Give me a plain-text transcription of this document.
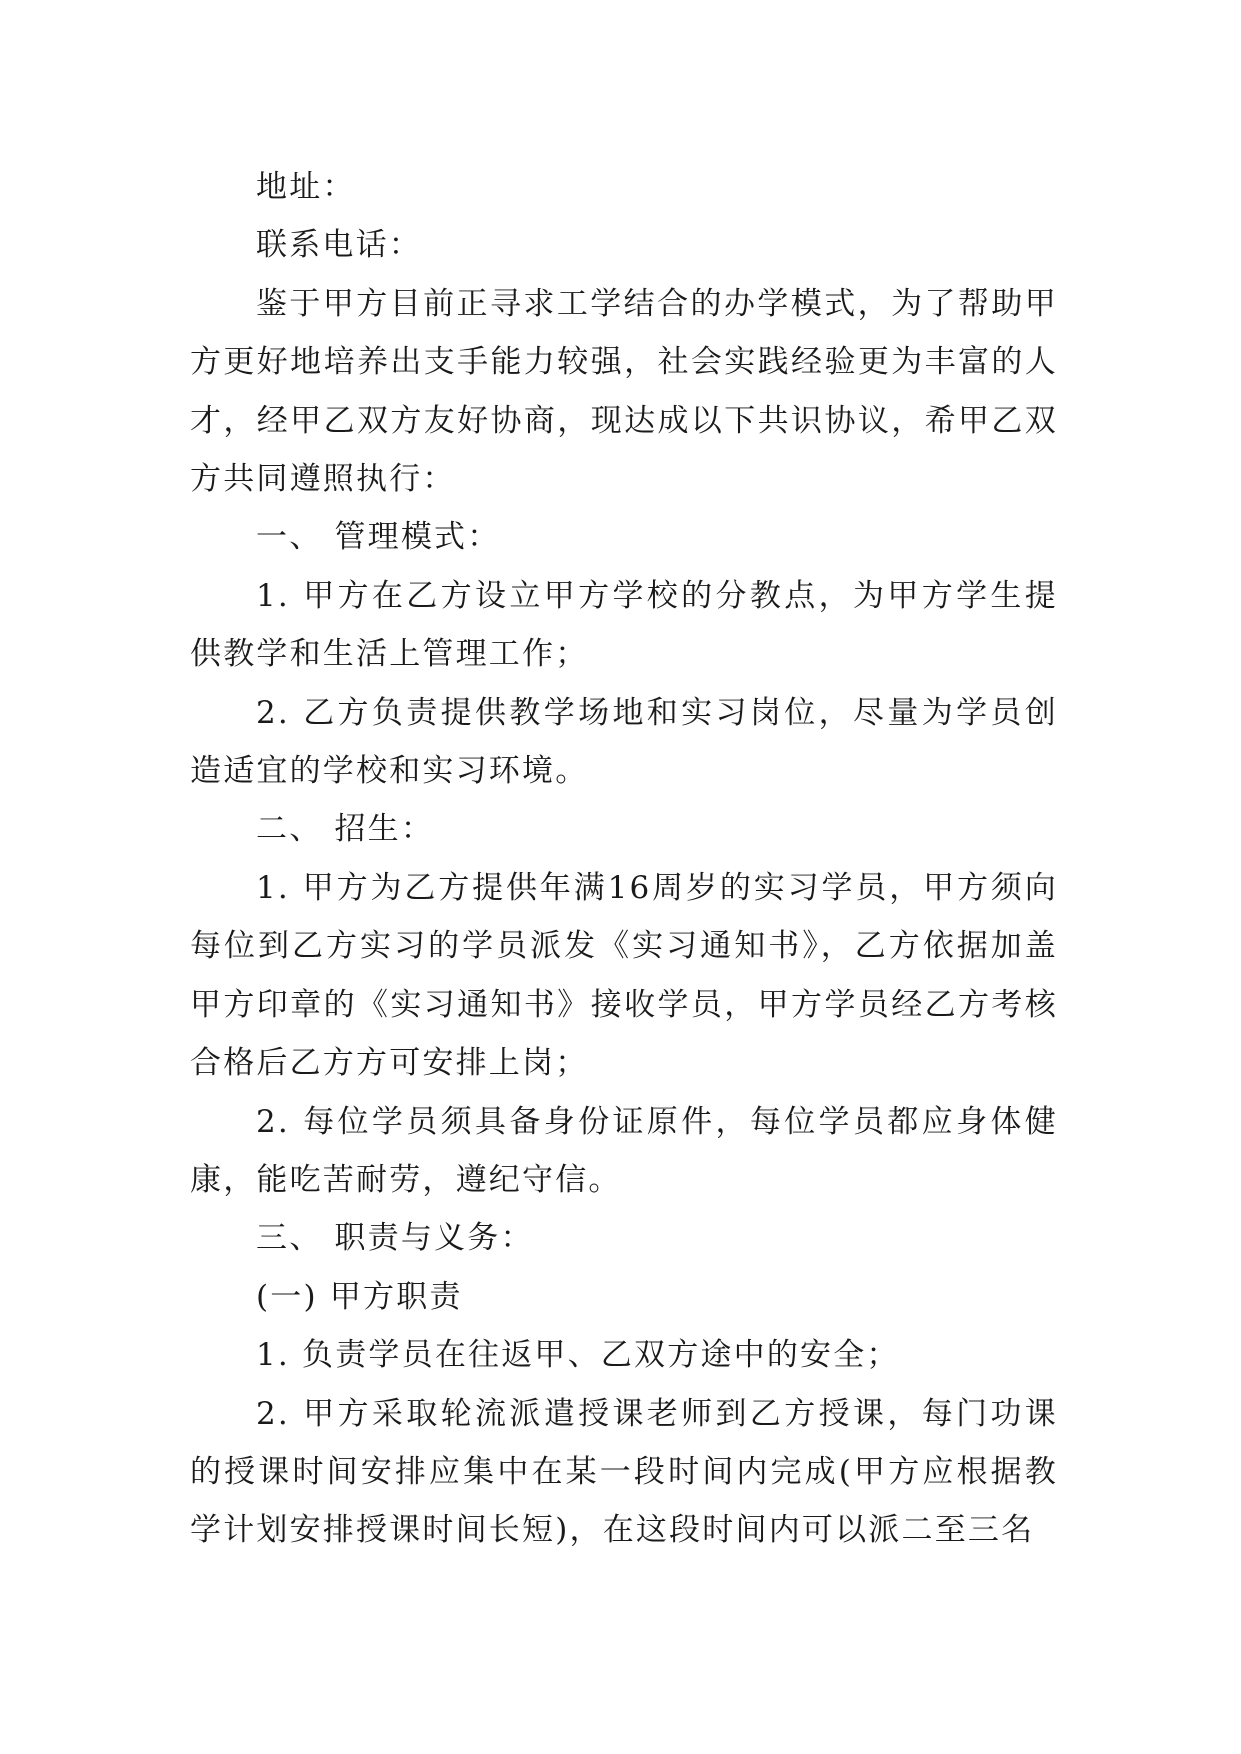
地址：

联系电话：

鉴于甲方目前正寻求工学结合的办学模式，为了帮助甲方更好地培养出支手能力较强，社会实践经验更为丰富的人才，经甲乙双方友好协商，现达成以下共识协议，希甲乙双方共同遵照执行：

一、 管理模式：

1. 甲方在乙方设立甲方学校的分教点，为甲方学生提供教学和生活上管理工作；

2. 乙方负责提供教学场地和实习岗位，尽量为学员创造适宜的学校和实习环境。

二、 招生：

1. 甲方为乙方提供年满16周岁的实习学员，甲方须向每位到乙方实习的学员派发《实习通知书》，乙方依据加盖甲方印章的《实习通知书》接收学员，甲方学员经乙方考核合格后乙方方可安排上岗；

2. 每位学员须具备身份证原件，每位学员都应身体健康，能吃苦耐劳，遵纪守信。

三、 职责与义务：

(一) 甲方职责

1. 负责学员在往返甲、乙双方途中的安全；

2. 甲方采取轮流派遣授课老师到乙方授课，每门功课的授课时间安排应集中在某一段时间内完成(甲方应根据教学计划安排授课时间长短)，在这段时间内可以派二至三名
